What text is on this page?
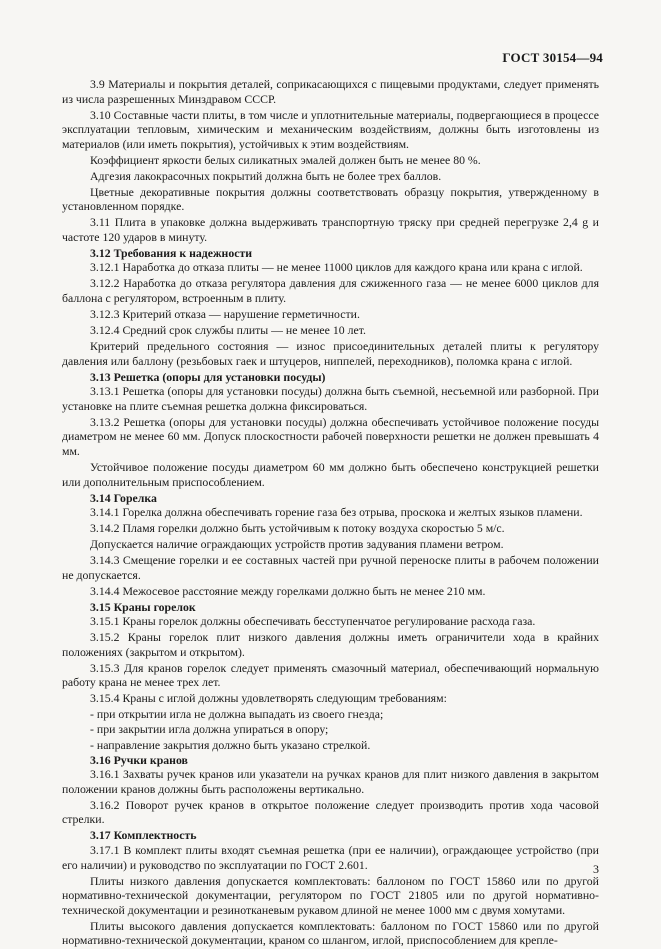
ГОСТ 30154—94

3.9 Материалы и покрытия деталей, соприкасающихся с пищевыми продуктами, следует применять из числа разрешенных Минздравом СССР.

3.10 Составные части плиты, в том числе и уплотнительные материалы, подвергающиеся в процессе эксплуатации тепловым, химическим и механическим воздействиям, должны быть изготовлены из материалов (или иметь покрытия), устойчивых к этим воздействиям.

Коэффициент яркости белых силикатных эмалей должен быть не менее 80 %.

Адгезия лакокрасочных покрытий должна быть не более трех баллов.

Цветные декоративные покрытия должны соответствовать образцу покрытия, утвержденному в установленном порядке.

3.11 Плита в упаковке должна выдерживать транспортную тряску при средней перегрузке 2,4 g и частоте 120 ударов в минуту.

3.12 Требования к надежности

3.12.1 Наработка до отказа плиты — не менее 11000 циклов для каждого крана или крана с иглой.

3.12.2 Наработка до отказа регулятора давления для сжиженного газа — не менее 6000 циклов для баллона с регулятором, встроенным в плиту.

3.12.3 Критерий отказа — нарушение герметичности.

3.12.4 Средний срок службы плиты — не менее 10 лет.

Критерий предельного состояния — износ присоединительных деталей плиты к регулятору давления или баллону (резьбовых гаек и штуцеров, ниппелей, переходников), поломка крана с иглой.

3.13 Решетка (опоры для установки посуды)

3.13.1 Решетка (опоры для установки посуды) должна быть съемной, несъемной или разборной. При установке на плите съемная решетка должна фиксироваться.

3.13.2 Решетка (опоры для установки посуды) должна обеспечивать устойчивое положение посуды диаметром не менее 60 мм. Допуск плоскостности рабочей поверхности решетки не должен превышать 4 мм.

Устойчивое положение посуды диаметром 60 мм должно быть обеспечено конструкцией решетки или дополнительным приспособлением.

3.14 Горелка

3.14.1 Горелка должна обеспечивать горение газа без отрыва, проскока и желтых языков пламени.

3.14.2 Пламя горелки должно быть устойчивым к потоку воздуха скоростью 5 м/с.

Допускается наличие ограждающих устройств против задувания пламени ветром.

3.14.3 Смещение горелки и ее составных частей при ручной переноске плиты в рабочем положении не допускается.

3.14.4 Межосевое расстояние между горелками должно быть не менее 210 мм.

3.15 Краны горелок

3.15.1 Краны горелок должны обеспечивать бесступенчатое регулирование расхода газа.

3.15.2 Краны горелок плит низкого давления должны иметь ограничители хода в крайних положениях (закрытом и открытом).

3.15.3 Для кранов горелок следует применять смазочный материал, обеспечивающий нормальную работу крана не менее трех лет.

3.15.4 Краны с иглой должны удовлетворять следующим требованиям:

- при открытии игла не должна выпадать из своего гнезда;

- при закрытии игла должна упираться в опору;

- направление закрытия должно быть указано стрелкой.

3.16 Ручки кранов

3.16.1 Захваты ручек кранов или указатели на ручках кранов для плит низкого давления в закрытом положении кранов должны быть расположены вертикально.

3.16.2 Поворот ручек кранов в открытое положение следует производить против хода часовой стрелки.

3.17 Комплектность

3.17.1 В комплект плиты входят съемная решетка (при ее наличии), ограждающее устройство (при его наличии) и руководство по эксплуатации по ГОСТ 2.601.

Плиты низкого давления допускается комплектовать: баллоном по ГОСТ 15860 или по другой нормативно-технической документации, регулятором по ГОСТ 21805 или по другой нормативно-технической документации и резинотканевым рукавом длиной не менее 1000 мм с двумя хомутами.

Плиты высокого давления допускается комплектовать: баллоном по ГОСТ 15860 или по другой нормативно-технической документации, краном со шлангом, иглой, приспособлением для крепле-

3
